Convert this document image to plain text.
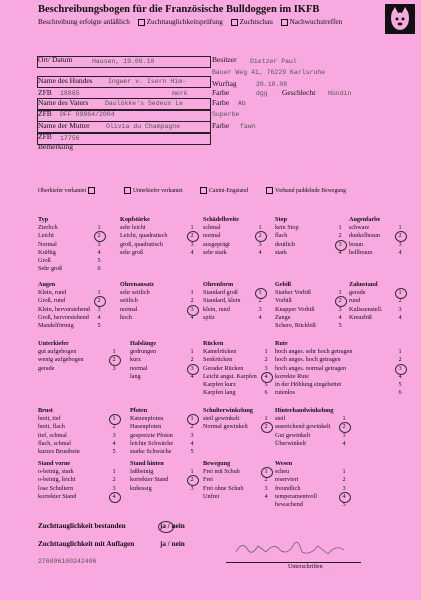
Beschreibungsbogen für die Französische Bulldoggen im IKFB
Beschreibung erfolgte anläßlich Zuchttauglichkeitsprüfung Zuchtschau Nachwuchstreffen
Ort/ Datum	Hausen, 19.06.10	Besitzer Dietzer Paul
Bauer Weg 41, 76229 Karlsruhe
Name des Hundes Ingwer v. Isern Him-	Wurftag	20.10.08
ZFB 18885	merk	Farbe	dgg Geschlecht Hündin
Name des Vaters	Daulökke's Sedeux Le	Farbe Ab
ZFB DFF 09964/2004	Superbe
Name der Mutter	Olivia du Champagne	Farbe fawn
ZFB 17756
Bemerkung
Oberkiefer verkantet	Unterkiefer verkantet	Canini-Engstand	Vorhand paddelnde Bewegung
Typ
Zierlich	1
Leicht	2
Normal	3
Kräftig	4
Groß	5
Sehr groß	6
Kopfstärke
sehr leicht	1
Leicht, quadratisch	2
groß, quadratisch	3
sehr groß	4
Schädelbreite
schmal	1
normal	2
ausgeprägt	3
sehr stark	4
Stop
kein Stop	1
flach	2
deutlich	3
stark	4
Augenfarbe
schwarz	1
dunkelbraun	2
braun	3
hellbraun	4
Augen
Klein, rund	1
Groß, rund	2
Klein, hervorstehend	3
Groß, hervorstehend	4
Mandelförmig	5
Ohrenansatz
sehr seitlich	1
seitlich	2
normal	3
hoch	4
Ohrenform
Standard groß	1
Standard, klein	2
klein, rund	3
spitz	4
Gebiß
Starker Vorbiß	1
Vorbiß	2
Knapper Vorbiß	3
Zange	4
Schere, Rückbiß	5
Zahnstand
gerade	1
rund	2
Kulissenstell.	3
Kreuzbiß	4
Unterkiefer
gut aufgebogen	1
wenig aufgebogen	2
gerade	3
Halslänge
gedrungen	1
kurz	2
normal	3
lang	4
Rücken
Kamelrücken	1
Senkrücken	2
Gerader Rücken	3
Leicht angst. Karpfen	4
Karpfen kurz	5
Karpfen lang	6
Rute
hoch anges. sehr hoch getragen	1
hoch anges. hoch getragen	2
hoch anges. normal getragen	3
korrekte Rute	4
in der Höhlung eingebettet	5
rutenlos	6
Brust
breit, tief	1
breit, flach	2
tief, schmal	3
flach, schmal	4
kurzes Brustbein	5
Pfoten
Katzenpfoten	1
Hasenpfoten	2
gespreizte Pfoten	3
leichte Schwäche	4
starke Schwäche	5
Schulterwinkelung
steil gewinkelt	1
Normal gewinkelt	2
Hinterhandwinkelung
steil	1
ausreichend gewinkelt	2
Gut gewinkelt	3
Überwinkelt	4
Stand vorne
o-beinig, stark	1
o-beinig, leicht	2
lose Schultern	3
korrekter Stand	4
Stand hinten
faßbeinig	1
korrekter Stand	2
kuhessig	3
Bewegung
Frei mit Schub	1
Frei	2
Frei ohne Schub	3
Unfrei	4
Wesen
scheu	1
reserviert	2
freundlich	3
temperamentvoll	4
bewachend	5
Zuchttauglichkeit bestanden	ja / nein
Zuchttauglichkeit mit Auflagen	ja / nein
276096100242406
Unterschriften
